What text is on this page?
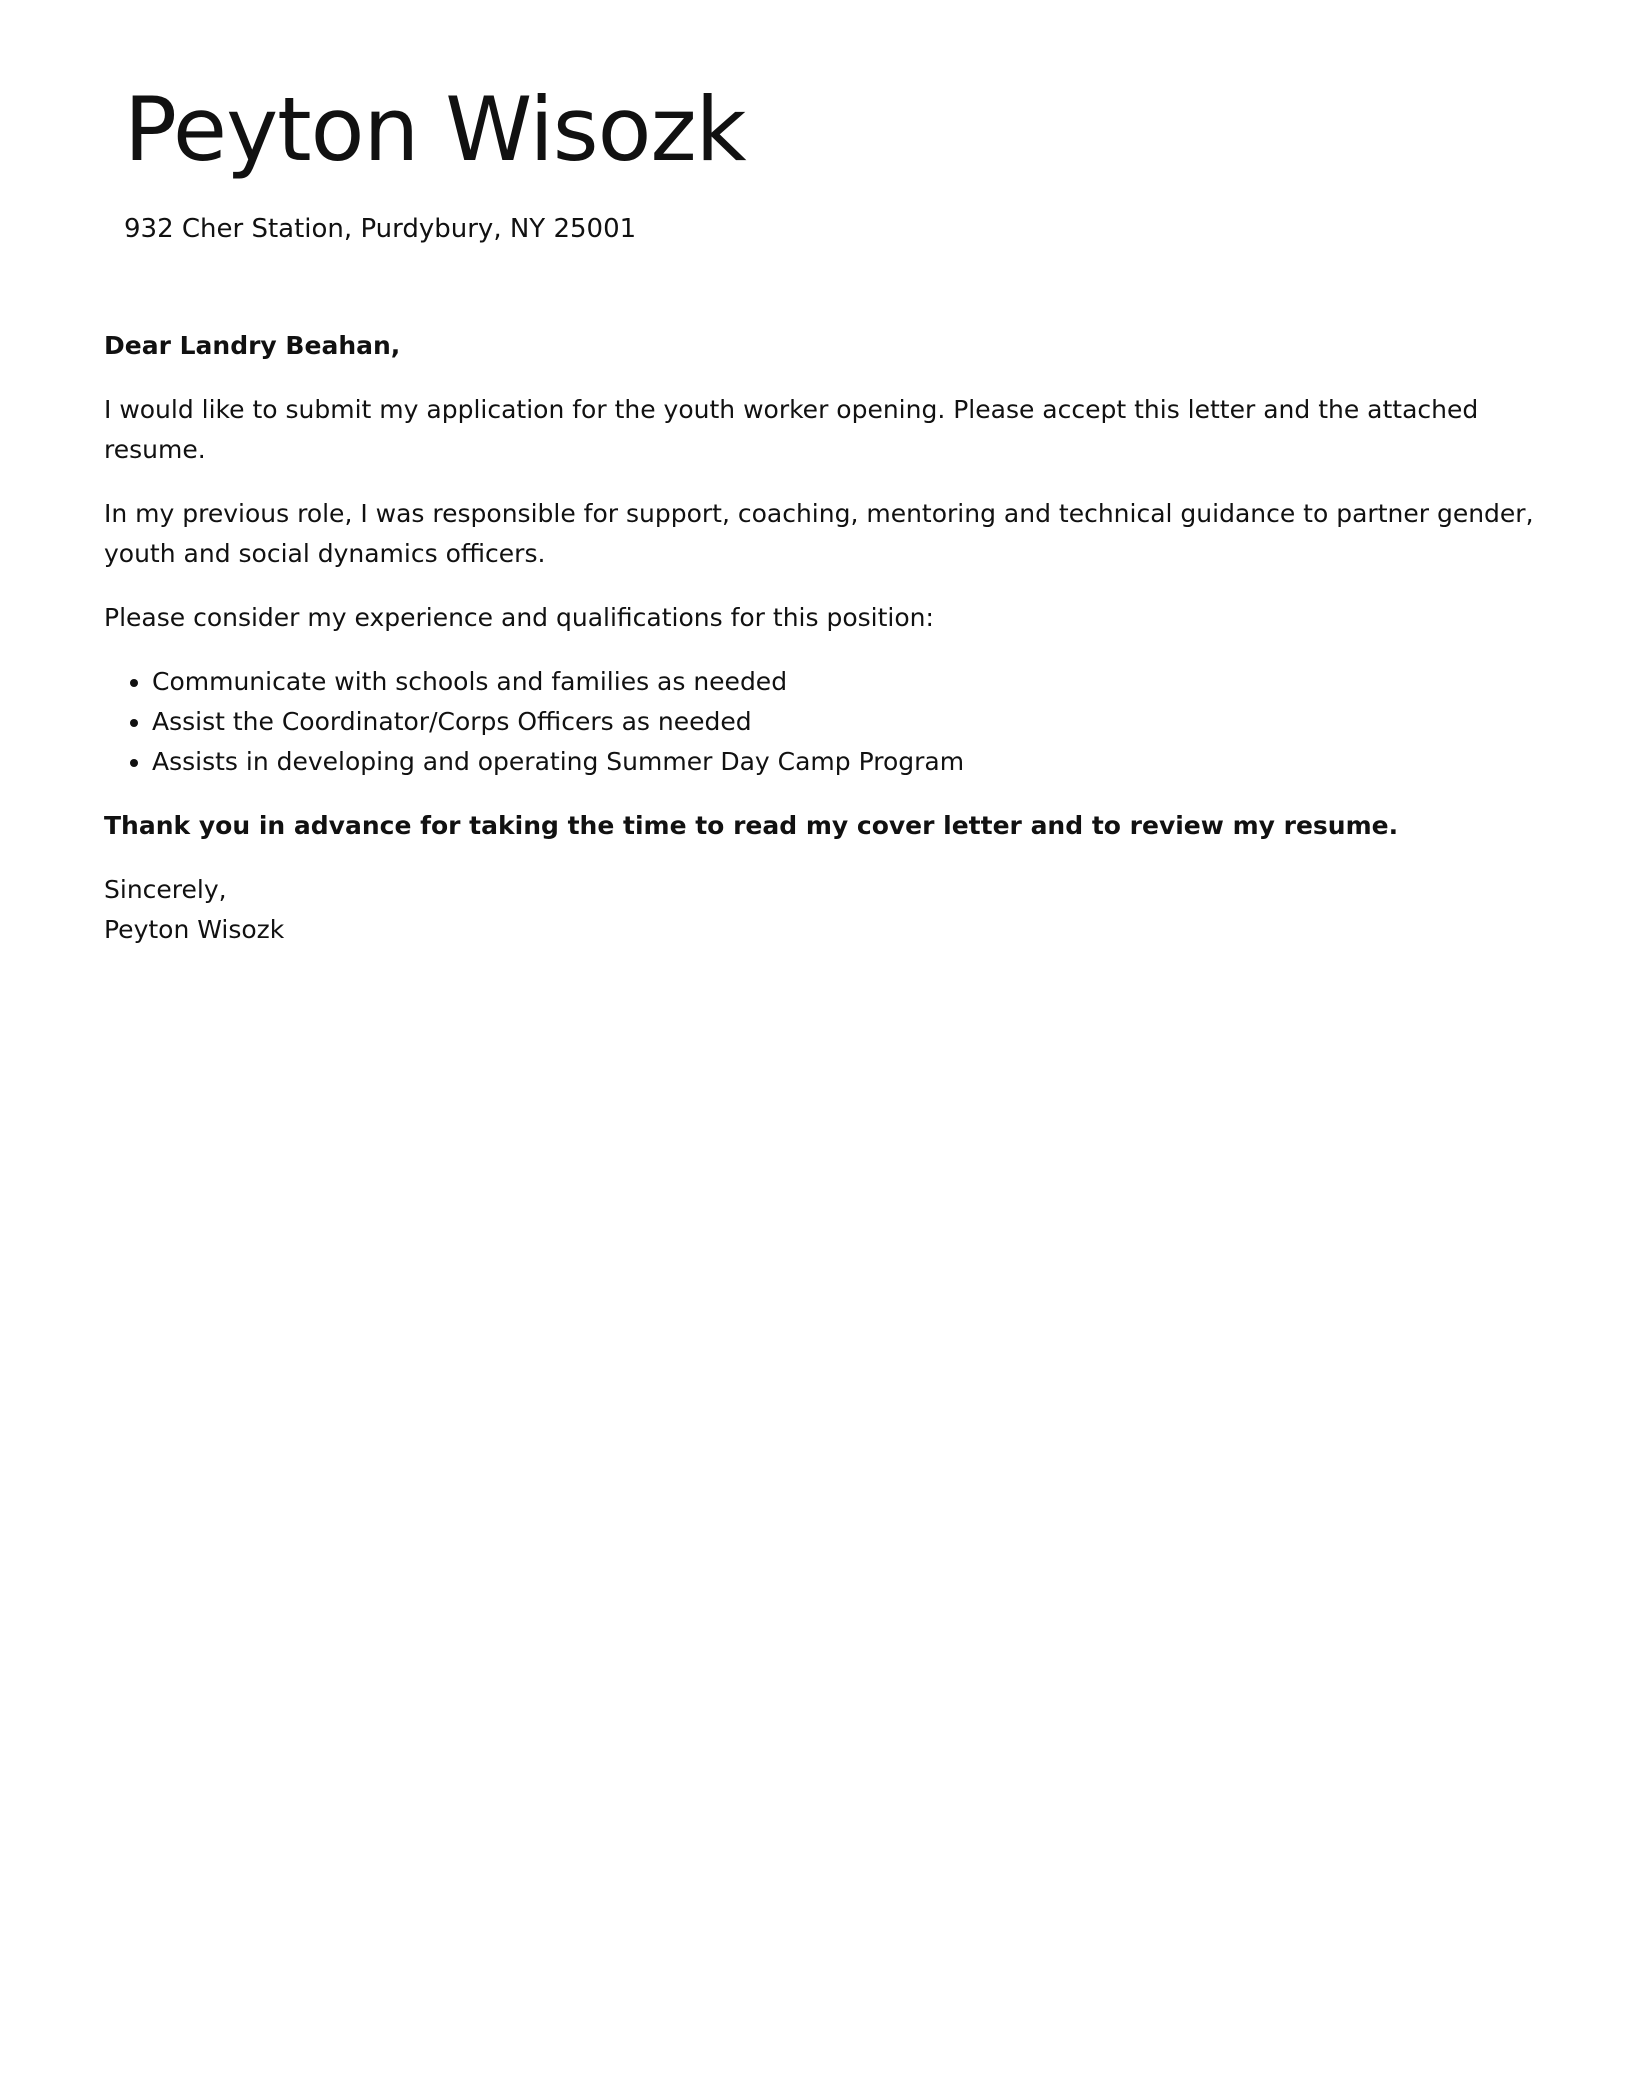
Peyton Wisozk
932 Cher Station, Purdybury, NY 25001

Dear Landry Beahan,

I would like to submit my application for the youth worker opening. Please accept this letter and the attached resume.

In my previous role, I was responsible for support, coaching, mentoring and technical guidance to partner gender, youth and social dynamics officers.

Please consider my experience and qualifications for this position:

• Communicate with schools and families as needed
• Assist the Coordinator/Corps Officers as needed
• Assists in developing and operating Summer Day Camp Program

Thank you in advance for taking the time to read my cover letter and to review my resume.

Sincerely,
Peyton Wisozk
